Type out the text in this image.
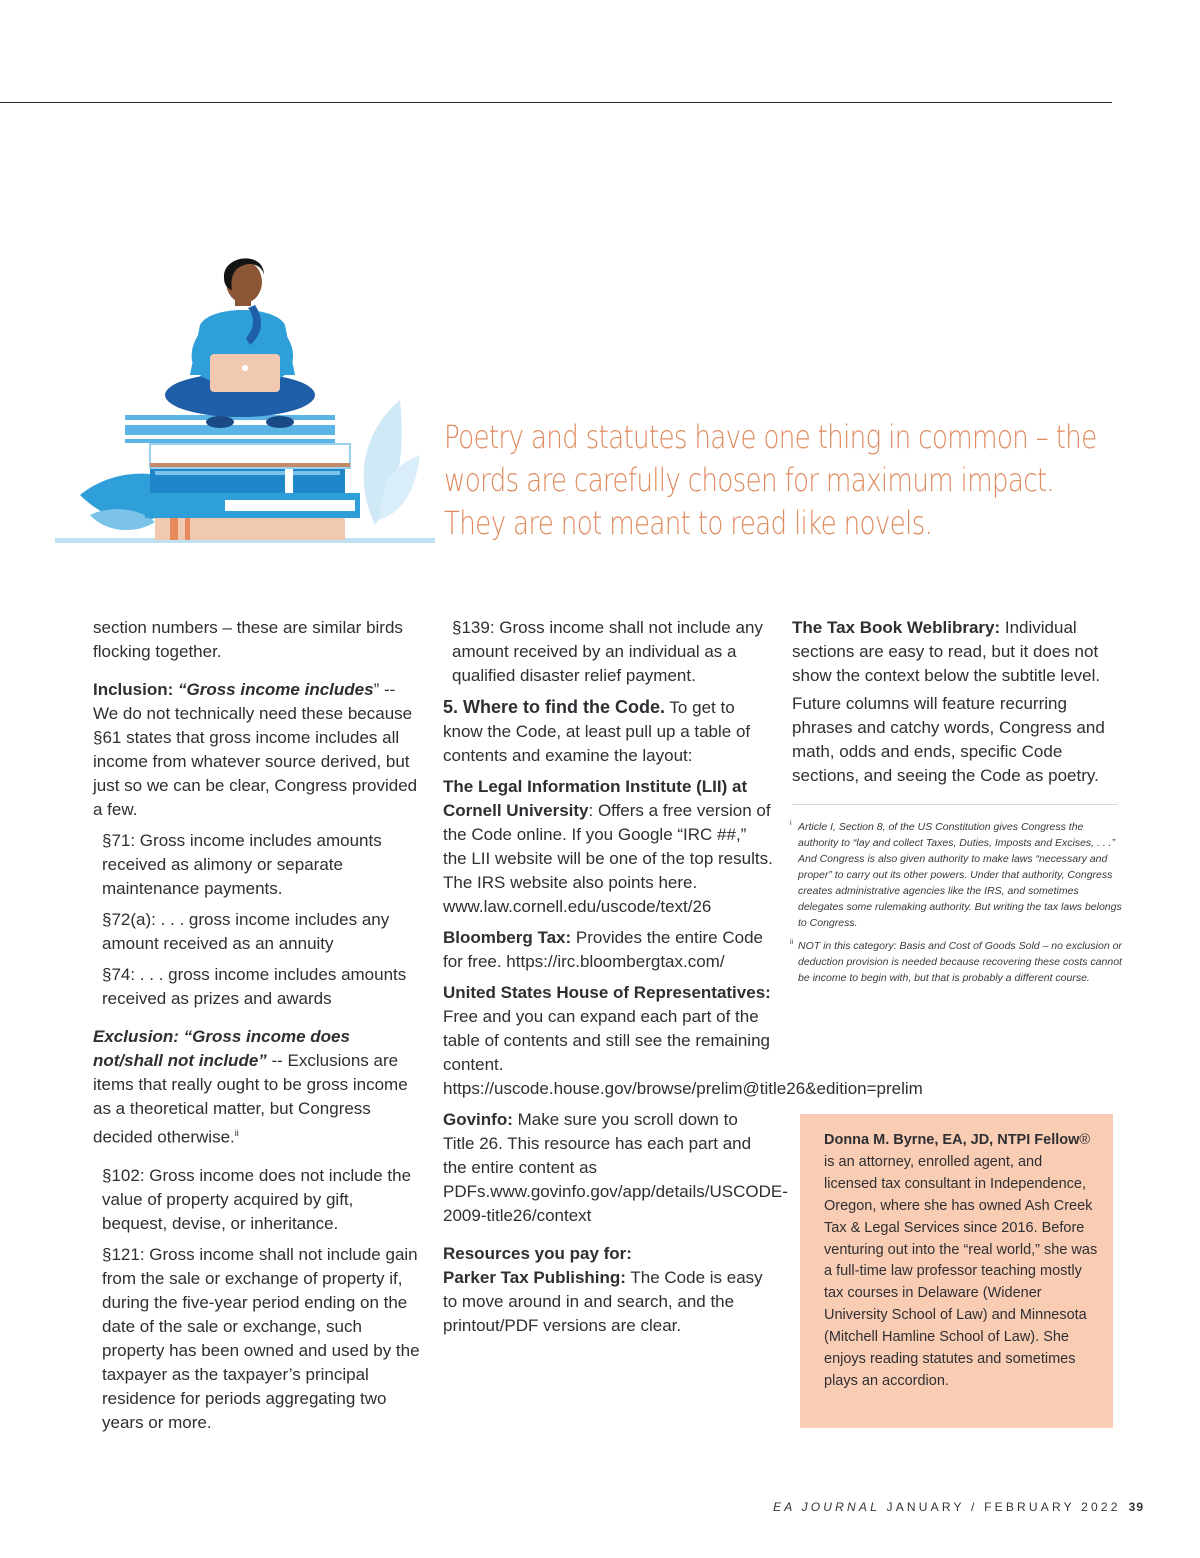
Poetry and statutes have one thing in common – the words are carefully chosen for maximum impact. They are not meant to read like novels.

section numbers – these are similar birds flocking together.

Inclusion: “Gross income includes” -- We do not technically need these because §61 states that gross income includes all income from whatever source derived, but just so we can be clear, Congress provided a few.

§71: Gross income includes amounts received as alimony or separate maintenance payments.

§72(a): . . . gross income includes any amount received as an annuity

§74: . . . gross income includes amounts received as prizes and awards

Exclusion: “Gross income does not/shall not include” -- Exclusions are items that really ought to be gross income as a theoretical matter, but Congress decided otherwise.$^{ii}$

§102: Gross income does not include the value of property acquired by gift, bequest, devise, or inheritance.

§121: Gross income shall not include gain from the sale or exchange of property if, during the five-year period ending on the date of the sale or exchange, such property has been owned and used by the taxpayer as the taxpayer’s principal residence for periods aggregating two years or more.

§139: Gross income shall not include any amount received by an individual as a qualified disaster relief payment.

5. Where to find the Code. To get to know the Code, at least pull up a table of contents and examine the layout:

The Legal Information Institute (LII) at Cornell University: Offers a free version of the Code online. If you Google “IRC ##,” the LII website will be one of the top results. The IRS website also points here. www.law.cornell.edu/uscode/text/26

Bloomberg Tax: Provides the entire Code for free. https://irc.bloombergtax.com/

United States House of Representatives: Free and you can expand each part of the table of contents and still see the remaining content. https://uscode.house.gov/browse/prelim@title26&edition=prelim

Govinfo: Make sure you scroll down to Title 26. This resource has each part and the entire content as PDFs.www.govinfo.gov/app/details/USCODE-2009-title26/context

Resources you pay for:

Parker Tax Publishing: The Code is easy to move around in and search, and the printout/PDF versions are clear.

The Tax Book Weblibrary: Individual sections are easy to read, but it does not show the context below the subtitle level.

Future columns will feature recurring phrases and catchy words, Congress and math, odds and ends, specific Code sections, and seeing the Code as poetry.

i Article I, Section 8, of the US Constitution gives Congress the authority to “lay and collect Taxes, Duties, Imposts and Excises, . . .” And Congress is also given authority to make laws “necessary and proper” to carry out its other powers. Under that authority, Congress creates administrative agencies like the IRS, and sometimes delegates some rulemaking authority. But writing the tax laws belongs to Congress.

ii NOT in this category: Basis and Cost of Goods Sold – no exclusion or deduction provision is needed because recovering these costs cannot be income to begin with, but that is probably a different course.

Donna M. Byrne, EA, JD, NTPI Fellow® is an attorney, enrolled agent, and licensed tax consultant in Independence, Oregon, where she has owned Ash Creek Tax & Legal Services since 2016. Before venturing out into the “real world,” she was a full-time law professor teaching mostly tax courses in Delaware (Widener University School of Law) and Minnesota (Mitchell Hamline School of Law). She enjoys reading statutes and sometimes plays an accordion.
EA JOURNAL JANUARY / FEBRUARY 2022 39
